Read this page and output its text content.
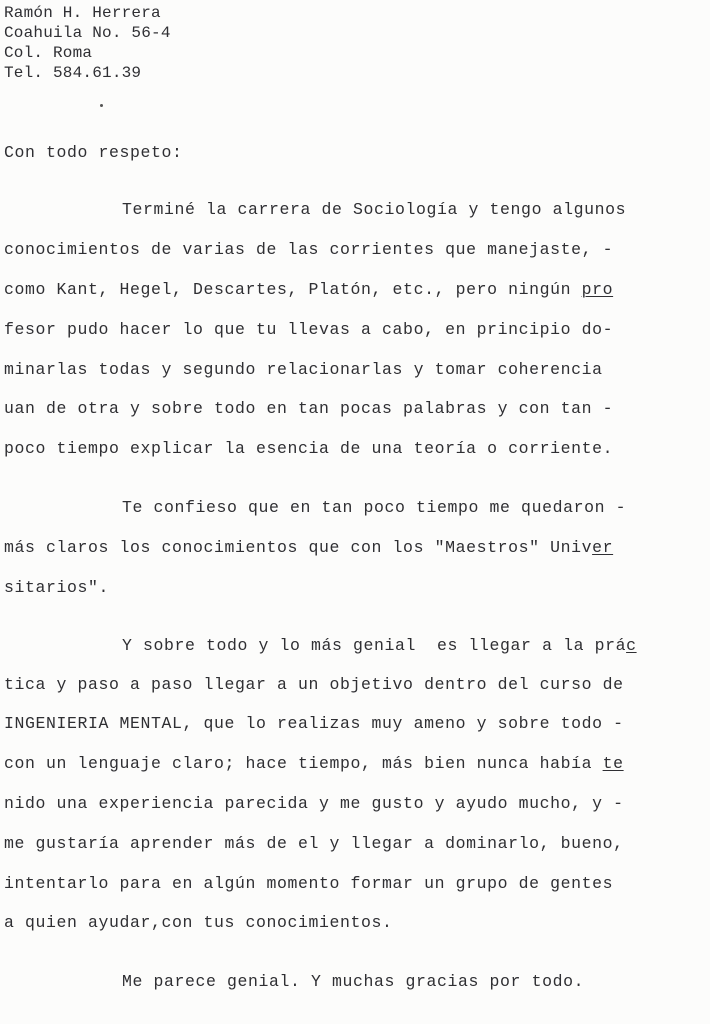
Ramón H. Herrera
Coahuila No. 56-4
Col. Roma
Tel. 584.61.39
Con todo respeto:
Terminé la carrera de Sociología y tengo algunos
conocimientos de varias de las corrientes que manejaste, -
como Kant, Hegel, Descartes, Platón, etc., pero ningún pro
fesor pudo hacer lo que tu llevas a cabo, en principio do-
minarlas todas y segundo relacionarlas y tomar coherencia
uan de otra y sobre todo en tan pocas palabras y con tan -
poco tiempo explicar la esencia de una teoría o corriente.
Te confieso que en tan poco tiempo me quedaron -
más claros los conocimientos que con los "Maestros" Univer
sitarios".
Y sobre todo y lo más genial  es llegar a la prác
tica y paso a paso llegar a un objetivo dentro del curso de
INGENIERIA MENTAL, que lo realizas muy ameno y sobre todo -
con un lenguaje claro; hace tiempo, más bien nunca había te
nido una experiencia parecida y me gusto y ayudo mucho, y -
me gustaría aprender más de el y llegar a dominarlo, bueno,
intentarlo para en algún momento formar un grupo de gentes
a quien ayudar,con tus conocimientos.
Me parece genial. Y muchas gracias por todo.
